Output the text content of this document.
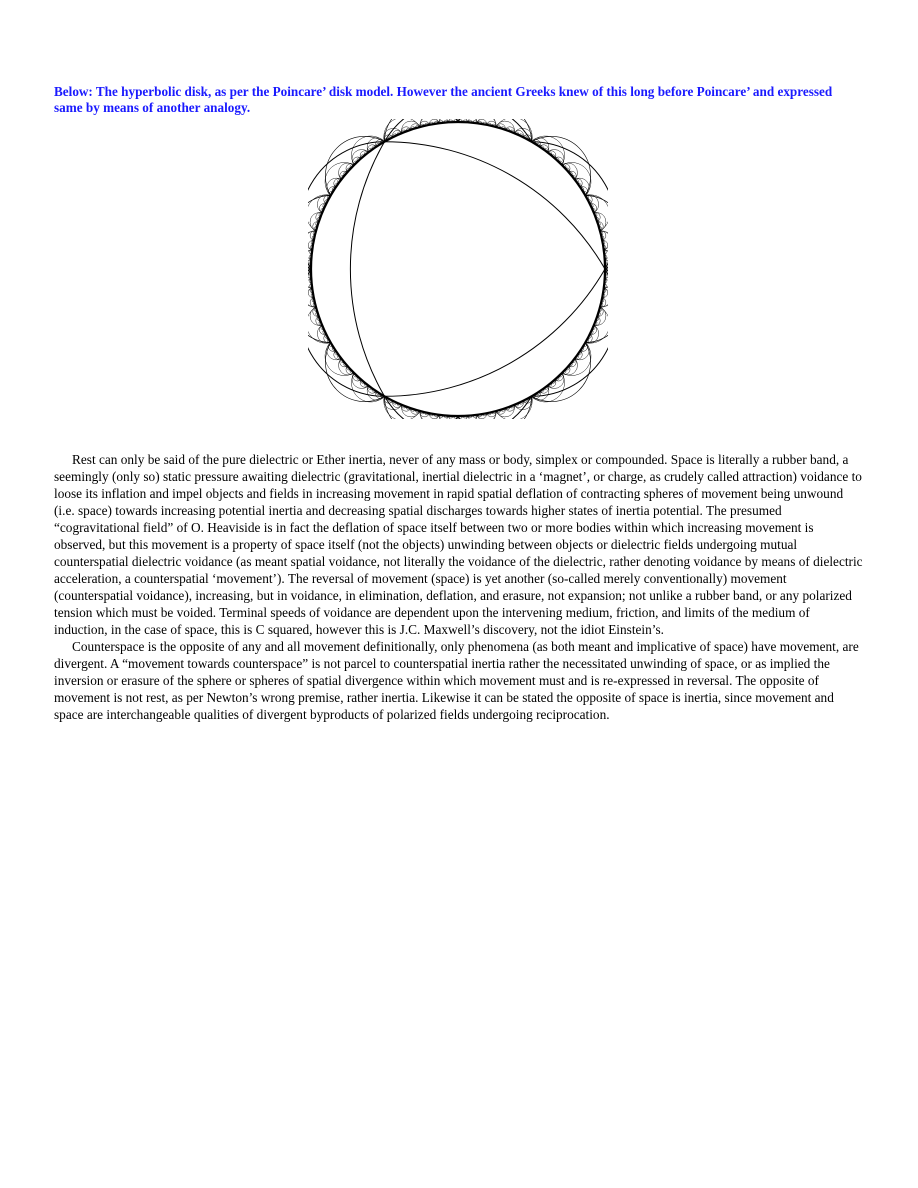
Below: The hyperbolic disk, as per the Poincare’ disk model. However the ancient Greeks knew of this long before Poincare’ and expressed same by means of another analogy.

Rest can only be said of the pure dielectric or Ether inertia, never of any mass or body, simplex or compounded. Space is literally a rubber band, a seemingly (only so) static pressure awaiting dielectric (gravitational, inertial dielectric in a ‘magnet’, or charge, as crudely called attraction) voidance to loose its inflation and impel objects and fields in increasing movement in rapid spatial deflation of contracting spheres of movement being unwound (i.e. space) towards increasing potential inertia and decreasing spatial discharges towards higher states of inertia potential. The presumed “cogravitational field” of O. Heaviside is in fact the deflation of space itself between two or more bodies within which increasing movement is observed, but this movement is a property of space itself (not the objects) unwinding between objects or dielectric fields undergoing mutual counterspatial dielectric voidance (as meant spatial voidance, not literally the voidance of the dielectric, rather denoting voidance by means of dielectric acceleration, a counterspatial ‘movement’). The reversal of movement (space) is yet another (so-called merely conventionally) movement (counterspatial voidance), increasing, but in voidance, in elimination, deflation, and erasure, not expansion; not unlike a rubber band, or any polarized tension which must be voided. Terminal speeds of voidance are dependent upon the intervening medium, friction, and limits of the medium of induction, in the case of space, this is C squared, however this is J.C. Maxwell’s discovery, not the idiot Einstein’s.

Counterspace is the opposite of any and all movement definitionally, only phenomena (as both meant and implicative of space) have movement, are divergent. A “movement towards counterspace” is not parcel to counterspatial inertia rather the necessitated unwinding of space, or as implied the inversion or erasure of the sphere or spheres of spatial divergence within which movement must and is re-expressed in reversal. The opposite of movement is not rest, as per Newton’s wrong premise, rather inertia. Likewise it can be stated the opposite of space is inertia, since movement and space are interchangeable qualities of divergent byproducts of polarized fields undergoing reciprocation.
